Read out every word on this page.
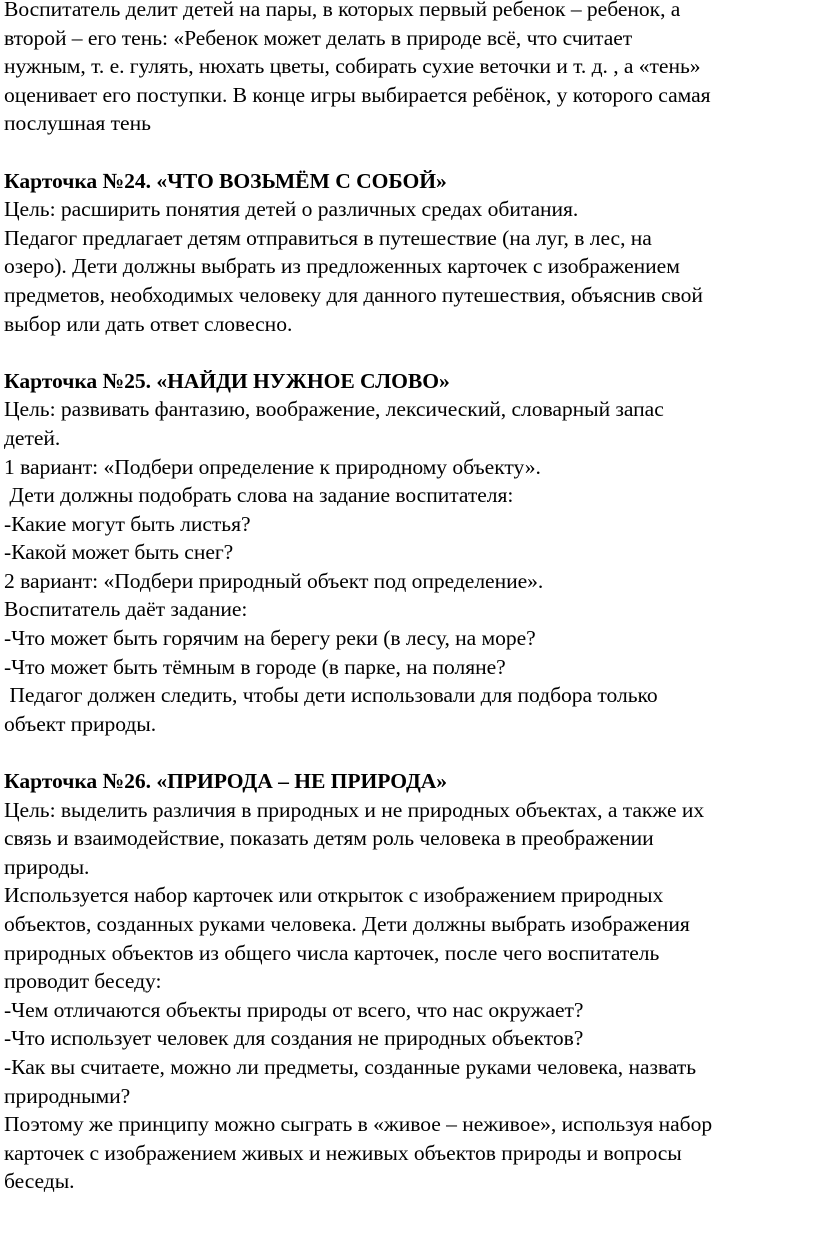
Воспитатель делит детей на пары, в которых первый ребенок – ребенок, а
второй – его тень: «Ребенок может делать в природе всё, что считает
нужным, т. е. гулять, нюхать цветы, собирать сухие веточки и т. д. , а «тень»
оценивает его поступки. В конце игры выбирается ребёнок, у которого самая
послушная тень
Карточка №24. «ЧТО ВОЗЬМЁМ С СОБОЙ»
Цель: расширить понятия детей о различных средах обитания.
Педагог предлагает детям отправиться в путешествие (на луг, в лес, на
озеро). Дети должны выбрать из предложенных карточек с изображением
предметов, необходимых человеку для данного путешествия, объяснив свой
выбор или дать ответ словесно.
Карточка №25. «НАЙДИ НУЖНОЕ СЛОВО»
Цель: развивать фантазию, воображение, лексический, словарный запас
детей.
1 вариант: «Подбери определение к природному объекту».
Дети должны подобрать слова на задание воспитателя:
-Какие могут быть листья?
-Какой может быть снег?
2 вариант: «Подбери природный объект под определение».
Воспитатель даёт задание:
-Что может быть горячим на берегу реки (в лесу, на море?
-Что может быть тёмным в городе (в парке, на поляне?
Педагог должен следить, чтобы дети использовали для подбора только
объект природы.
Карточка №26. «ПРИРОДА – НЕ ПРИРОДА»
Цель: выделить различия в природных и не природных объектах, а также их
связь и взаимодействие, показать детям роль человека в преображении
природы.
Используется набор карточек или открыток с изображением природных
объектов, созданных руками человека. Дети должны выбрать изображения
природных объектов из общего числа карточек, после чего воспитатель
проводит беседу:
-Чем отличаются объекты природы от всего, что нас окружает?
-Что использует человек для создания не природных объектов?
-Как вы считаете, можно ли предметы, созданные руками человека, назвать
природными?
Поэтому же принципу можно сыграть в «живое – неживое», используя набор
карточек с изображением живых и неживых объектов природы и вопросы
беседы.
